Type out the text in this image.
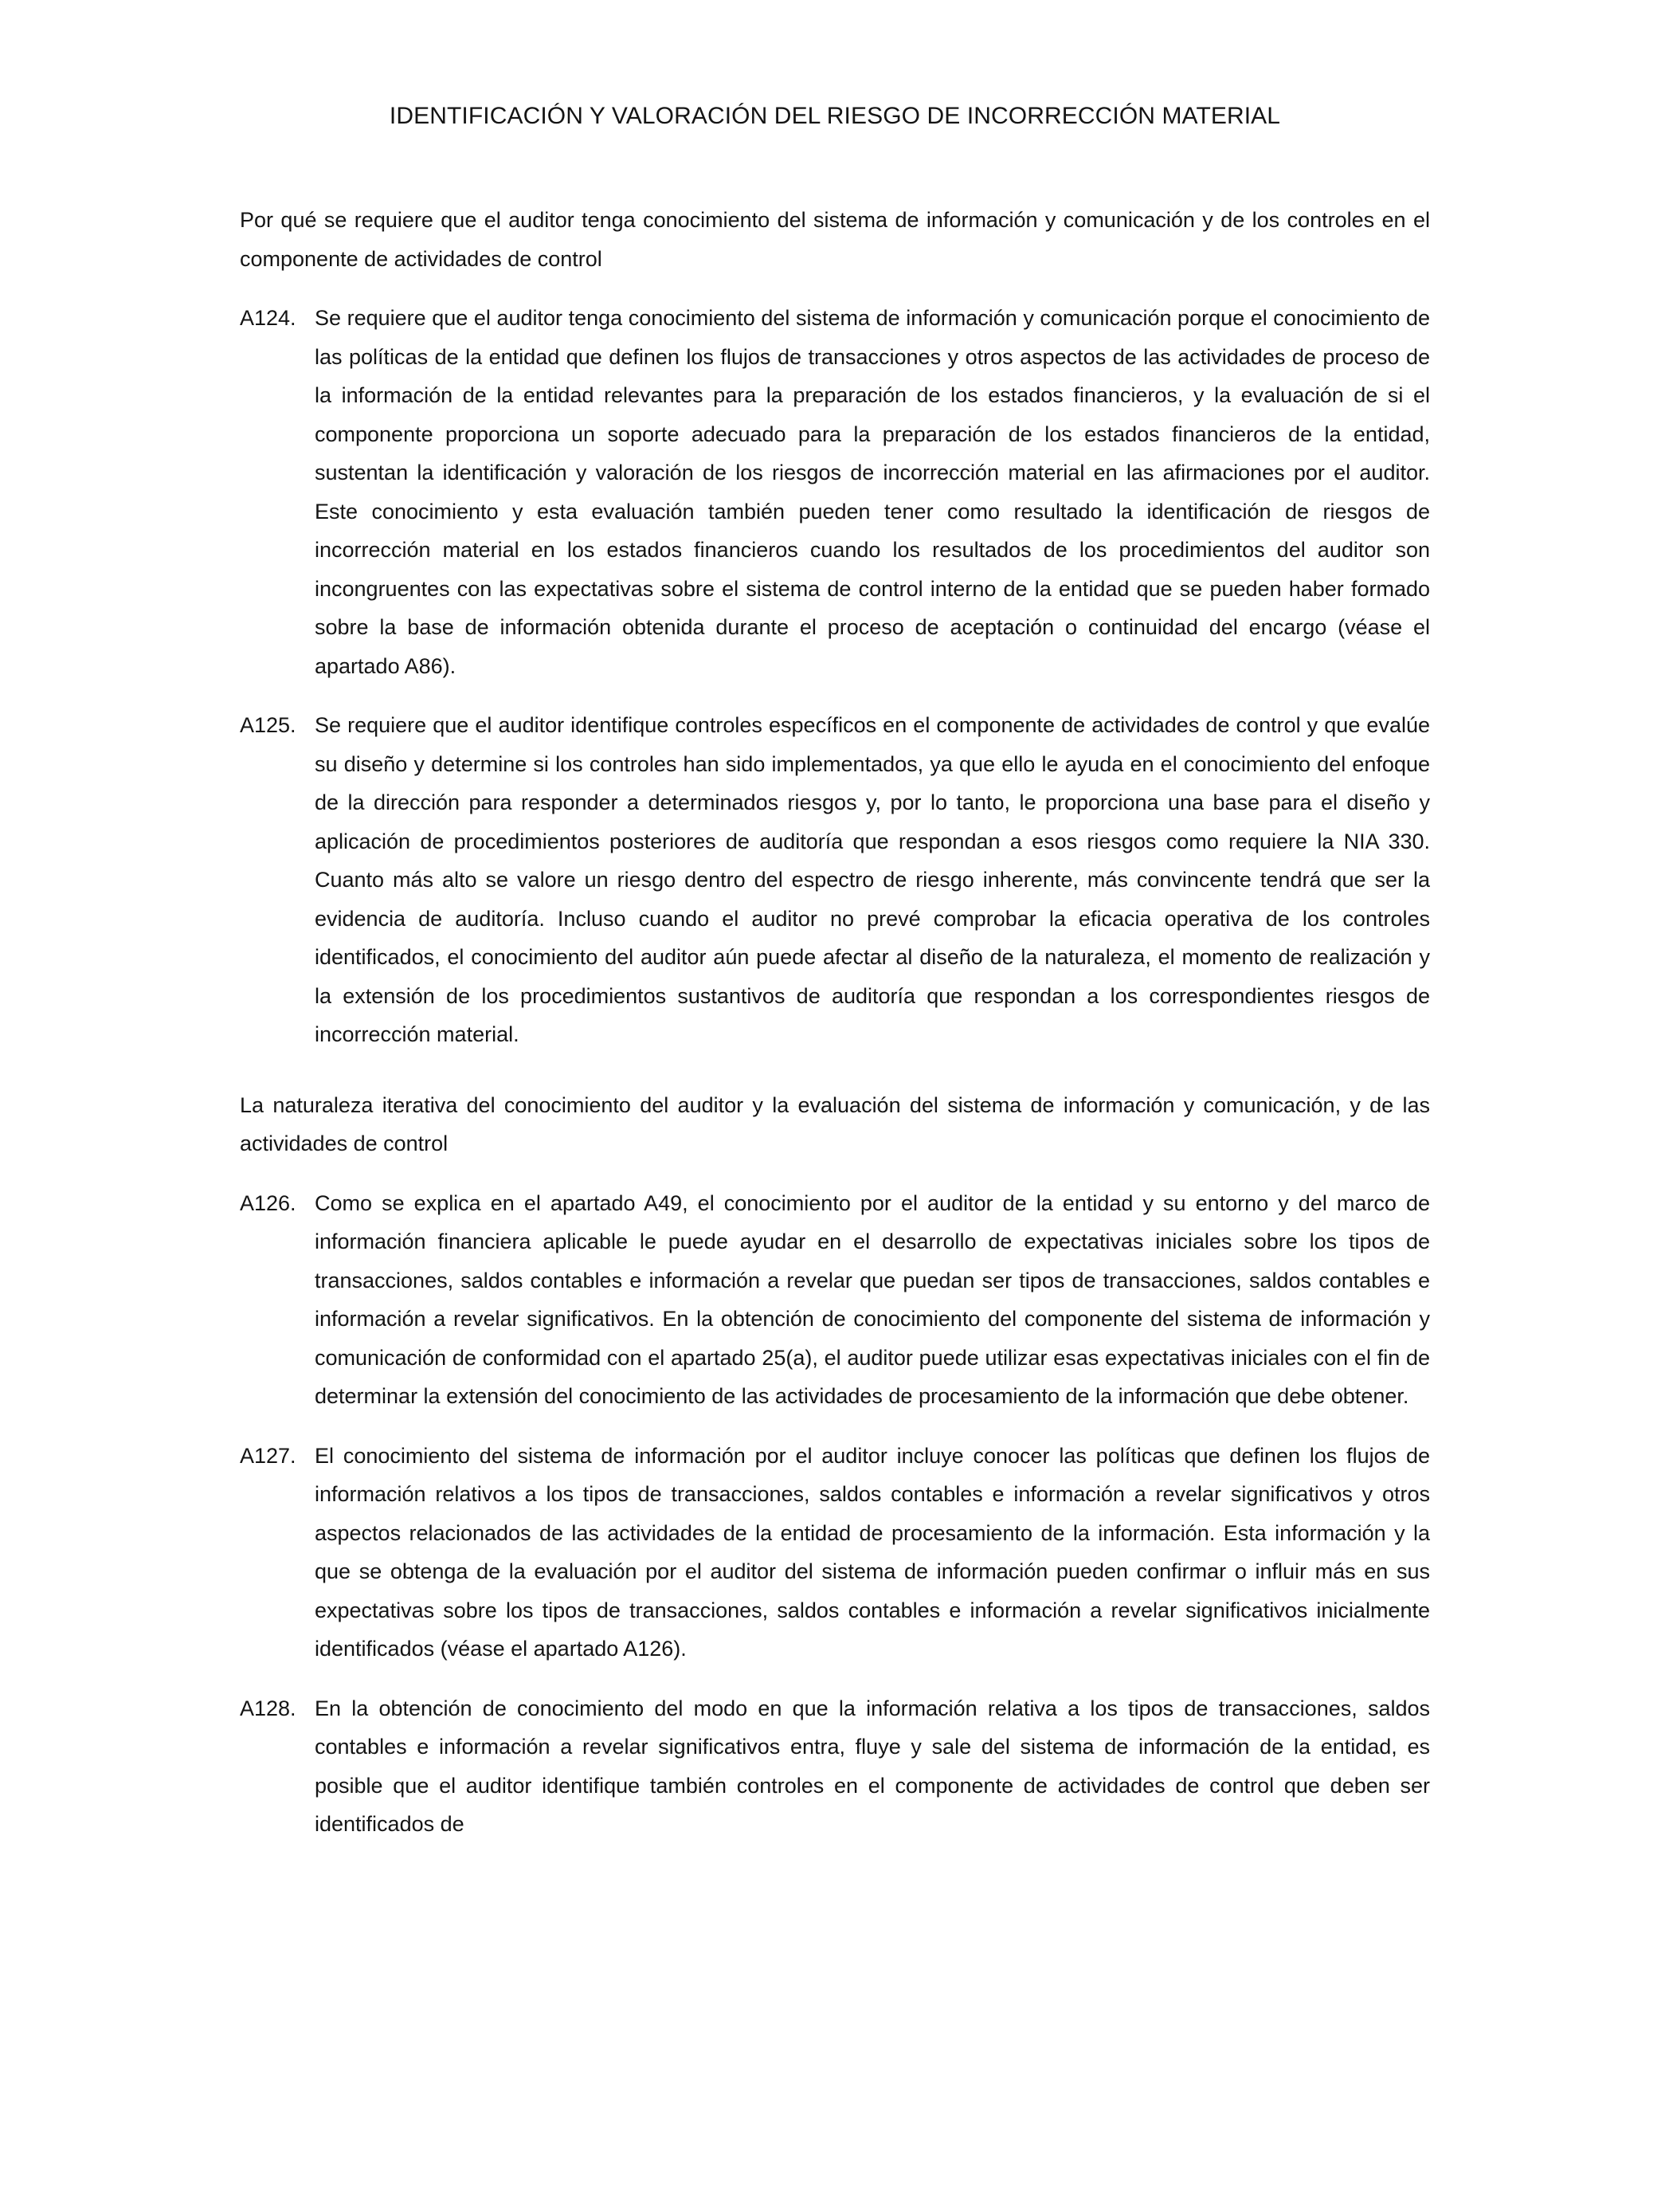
IDENTIFICACIÓN Y VALORACIÓN DEL RIESGO DE INCORRECCIÓN MATERIAL
Por qué se requiere que el auditor tenga conocimiento del sistema de información y comunicación y de los controles en el componente de actividades de control

A124. Se requiere que el auditor tenga conocimiento del sistema de información y comunicación porque el conocimiento de las políticas de la entidad que definen los flujos de transacciones y otros aspectos de las actividades de proceso de la información de la entidad relevantes para la preparación de los estados financieros, y la evaluación de si el componente proporciona un soporte adecuado para la preparación de los estados financieros de la entidad, sustentan la identificación y valoración de los riesgos de incorrección material en las afirmaciones por el auditor. Este conocimiento y esta evaluación también pueden tener como resultado la identificación de riesgos de incorrección material en los estados financieros cuando los resultados de los procedimientos del auditor son incongruentes con las expectativas sobre el sistema de control interno de la entidad que se pueden haber formado sobre la base de información obtenida durante el proceso de aceptación o continuidad del encargo (véase el apartado A86).

A125. Se requiere que el auditor identifique controles específicos en el componente de actividades de control y que evalúe su diseño y determine si los controles han sido implementados, ya que ello le ayuda en el conocimiento del enfoque de la dirección para responder a determinados riesgos y, por lo tanto, le proporciona una base para el diseño y aplicación de procedimientos posteriores de auditoría que respondan a esos riesgos como requiere la NIA 330. Cuanto más alto se valore un riesgo dentro del espectro de riesgo inherente, más convincente tendrá que ser la evidencia de auditoría. Incluso cuando el auditor no prevé comprobar la eficacia operativa de los controles identificados, el conocimiento del auditor aún puede afectar al diseño de la naturaleza, el momento de realización y la extensión de los procedimientos sustantivos de auditoría que respondan a los correspondientes riesgos de incorrección material.

La naturaleza iterativa del conocimiento del auditor y la evaluación del sistema de información y comunicación, y de las actividades de control

A126. Como se explica en el apartado A49, el conocimiento por el auditor de la entidad y su entorno y del marco de información financiera aplicable le puede ayudar en el desarrollo de expectativas iniciales sobre los tipos de transacciones, saldos contables e información a revelar que puedan ser tipos de transacciones, saldos contables e información a revelar significativos. En la obtención de conocimiento del componente del sistema de información y comunicación de conformidad con el apartado 25(a), el auditor puede utilizar esas expectativas iniciales con el fin de determinar la extensión del conocimiento de las actividades de procesamiento de la información que debe obtener.

A127. El conocimiento del sistema de información por el auditor incluye conocer las políticas que definen los flujos de información relativos a los tipos de transacciones, saldos contables e información a revelar significativos y otros aspectos relacionados de las actividades de la entidad de procesamiento de la información. Esta información y la que se obtenga de la evaluación por el auditor del sistema de información pueden confirmar o influir más en sus expectativas sobre los tipos de transacciones, saldos contables e información a revelar significativos inicialmente identificados (véase el apartado A126).

A128. En la obtención de conocimiento del modo en que la información relativa a los tipos de transacciones, saldos contables e información a revelar significativos entra, fluye y sale del sistema de información de la entidad, es posible que el auditor identifique también controles en el componente de actividades de control que deben ser identificados de
